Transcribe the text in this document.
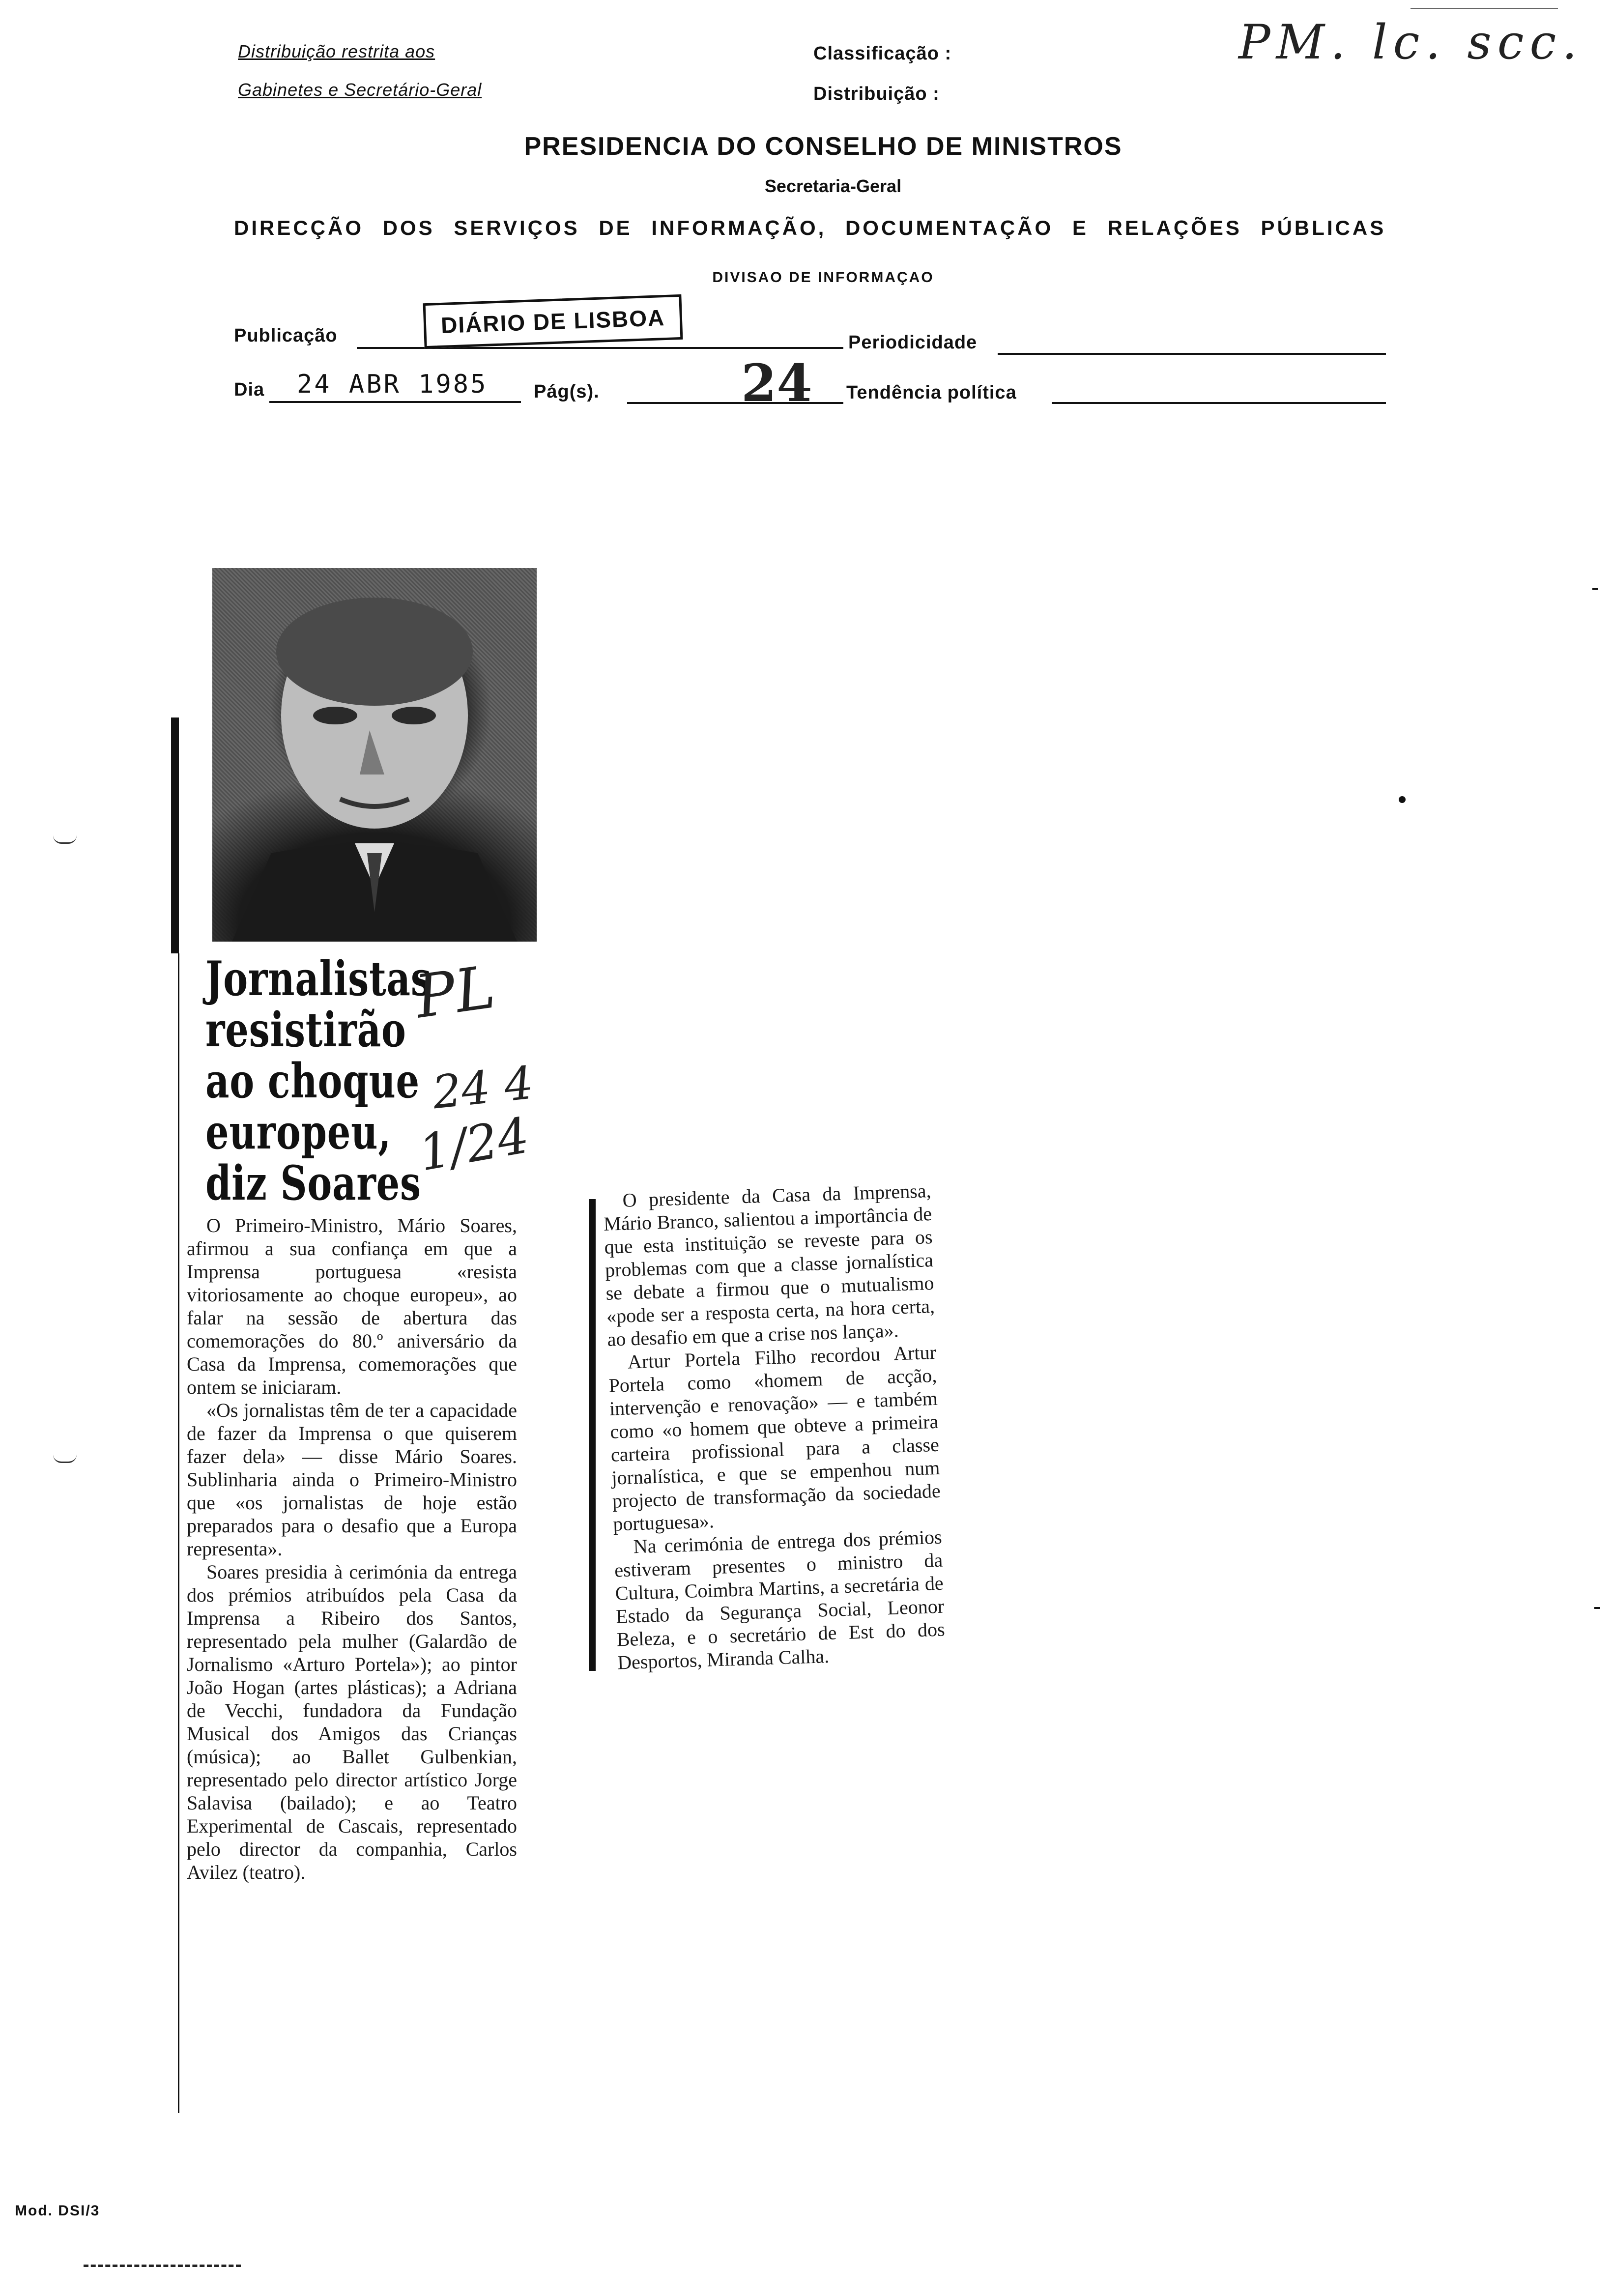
Distribuição restrita aos
Gabinetes e Secretário-Geral
Classificação :
Distribuição :
PM. lc. scc.
PRESIDENCIA DO CONSELHO DE MINISTROS
Secretaria-Geral
DIRECÇÃO DOS SERVIÇOS DE INFORMAÇÃO, DOCUMENTAÇÃO E RELAÇÕES PÚBLICAS
DIVISAO DE INFORMAÇAO
Publicação	DIÁRIO DE LISBOA
Periodicidade
Dia 24 ABR 1985 Pág(s).	24 Tendência política
Jornalistas
resistirão
ao choque
europeu,
diz Soares
PL
24 4
1/24

O Primeiro-Ministro, Mário Soares, afirmou a sua confiança em que a Imprensa portuguesa «resista vitoriosamente ao choque europeu», ao falar na sessão de abertura das comemorações do 80.º aniversário da Casa da Imprensa, comemorações que ontem se iniciaram.

«Os jornalistas têm de ter a capacidade de fazer da Imprensa o que quiserem fazer dela» — disse Mário Soares. Sublinharia ainda o Primeiro-Ministro que «os jornalistas de hoje estão preparados para o desafio que a Europa representa».

Soares presidia à cerimónia da entrega dos prémios atribuídos pela Casa da Imprensa a Ribeiro dos Santos, representado pela mulher (Galardão de Jornalismo «Arturo Portela»); ao pintor João Hogan (artes plásticas); a Adriana de Vecchi, fundadora da Fundação Musical dos Amigos das Crianças (música); ao Ballet Gulbenkian, representado pelo director artístico Jorge Salavisa (bailado); e ao Teatro Experimental de Cascais, representado pelo director da companhia, Carlos Avilez (teatro).

O presidente da Casa da Imprensa, Mário Branco, salientou a importância de que esta instituição se reveste para os problemas com que a classe jornalística se debate a firmou que o mutualismo «pode ser a resposta certa, na hora certa, ao desafio em que a crise nos lança».

Artur Portela Filho recordou Artur Portela como «homem de acção, intervenção e renovação» — e também como «o homem que obteve a primeira carteira profissional para a classe jornalística, e que se empenhou num projecto de transformação da sociedade portuguesa».

Na cerimónia de entrega dos prémios estiveram presentes o ministro da Cultura, Coimbra Martins, a secretária de Estado da Segurança Social, Leonor Beleza, e o secretário de Est do dos Desportos, Miranda Calha.

Mod. DSI/3
